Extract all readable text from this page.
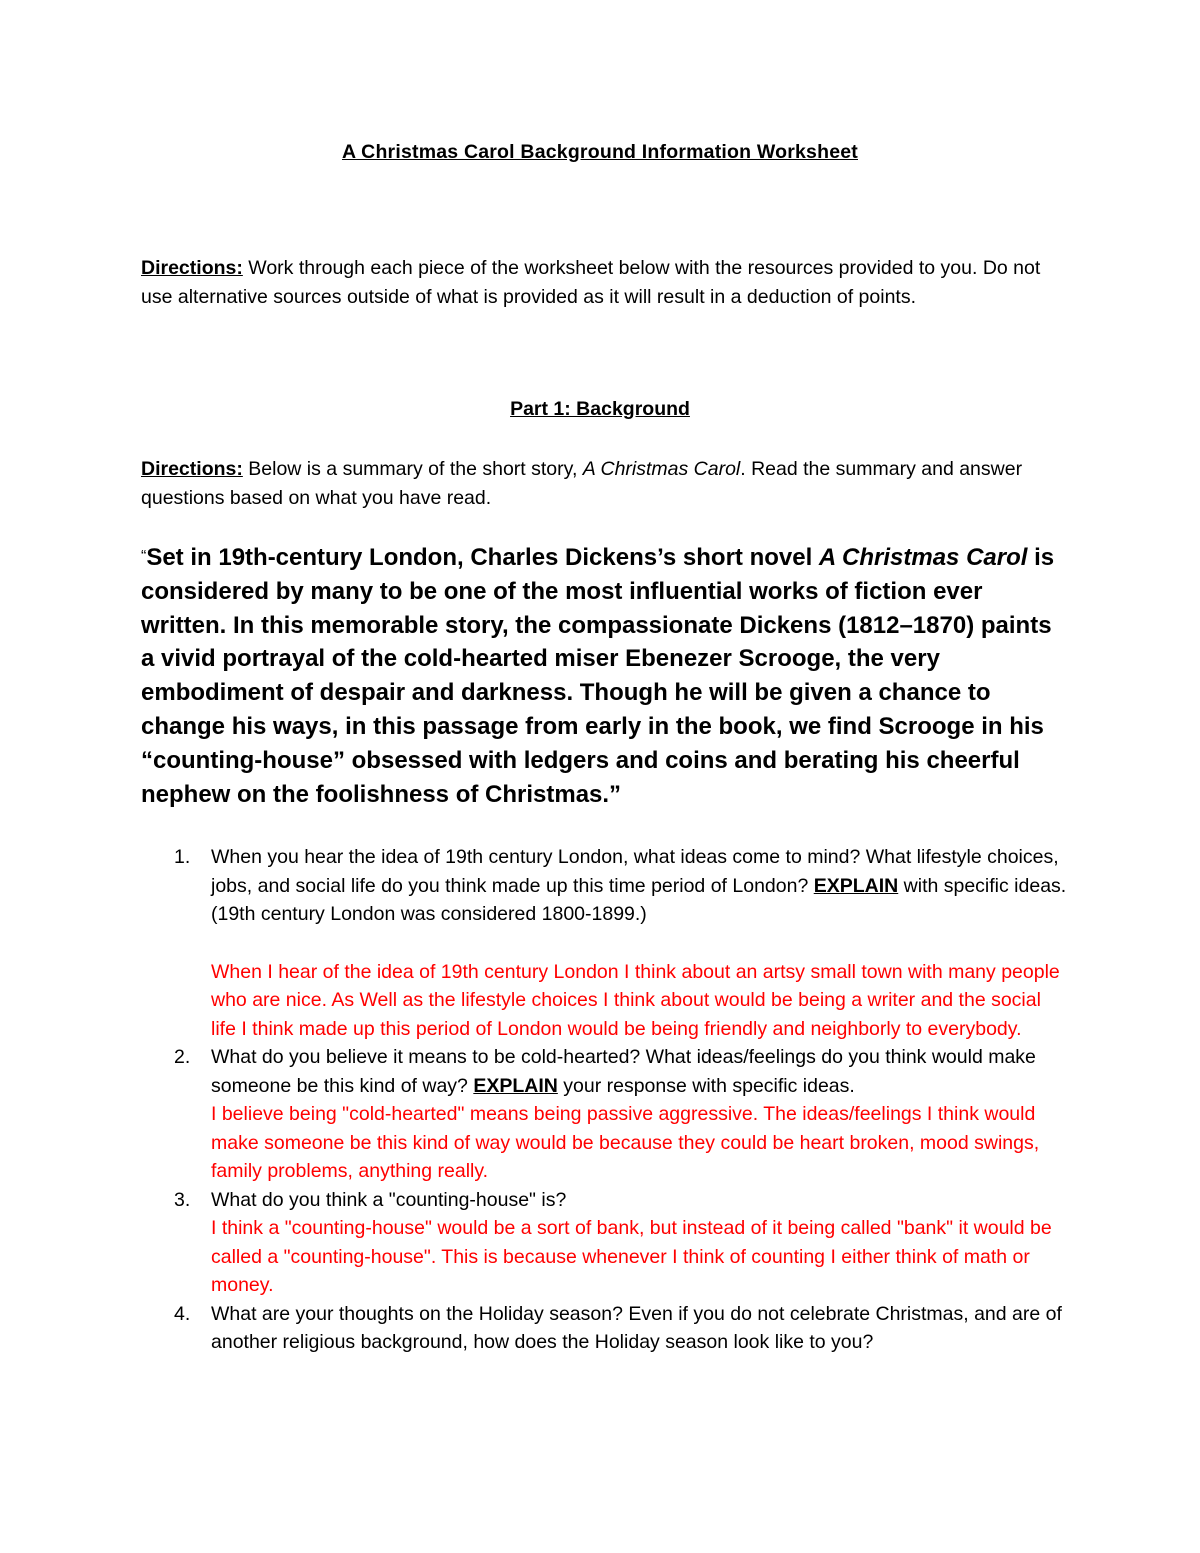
A Christmas Carol Background Information Worksheet

Directions: Work through each piece of the worksheet below with the resources provided to you. Do not use alternative sources outside of what is provided as it will result in a deduction of points.

Part 1: Background

Directions: Below is a summary of the short story, A Christmas Carol. Read the summary and answer questions based on what you have read.

“Set in 19th-century London, Charles Dickens’s short novel A Christmas Carol is considered by many to be one of the most influential works of fiction ever written. In this memorable story, the compassionate Dickens (1812–1870) paints a vivid portrayal of the cold-hearted miser Ebenezer Scrooge, the very embodiment of despair and darkness. Though he will be given a chance to change his ways, in this passage from early in the book, we find Scrooge in his “counting-house” obsessed with ledgers and coins and berating his cheerful nephew on the foolishness of Christmas.”

1. When you hear the idea of 19th century London, what ideas come to mind? What lifestyle choices, jobs, and social life do you think made up this time period of London? EXPLAIN with specific ideas. (19th century London was considered 1800-1899.)
When I hear of the idea of 19th century London I think about an artsy small town with many people who are nice. As Well as the lifestyle choices I think about would be being a writer and the social life I think made up this period of London would be being friendly and neighborly to everybody.
2. What do you believe it means to be cold-hearted? What ideas/feelings do you think would make someone be this kind of way? EXPLAIN your response with specific ideas.
I believe being "cold-hearted" means being passive aggressive. The ideas/feelings I think would make someone be this kind of way would be because they could be heart broken, mood swings, family problems, anything really.
3. What do you think a "counting-house" is?
I think a "counting-house" would be a sort of bank, but instead of it being called "bank" it would be called a "counting-house". This is because whenever I think of counting I either think of math or money.
4. What are your thoughts on the Holiday season? Even if you do not celebrate Christmas, and are of another religious background, how does the Holiday season look like to you?
